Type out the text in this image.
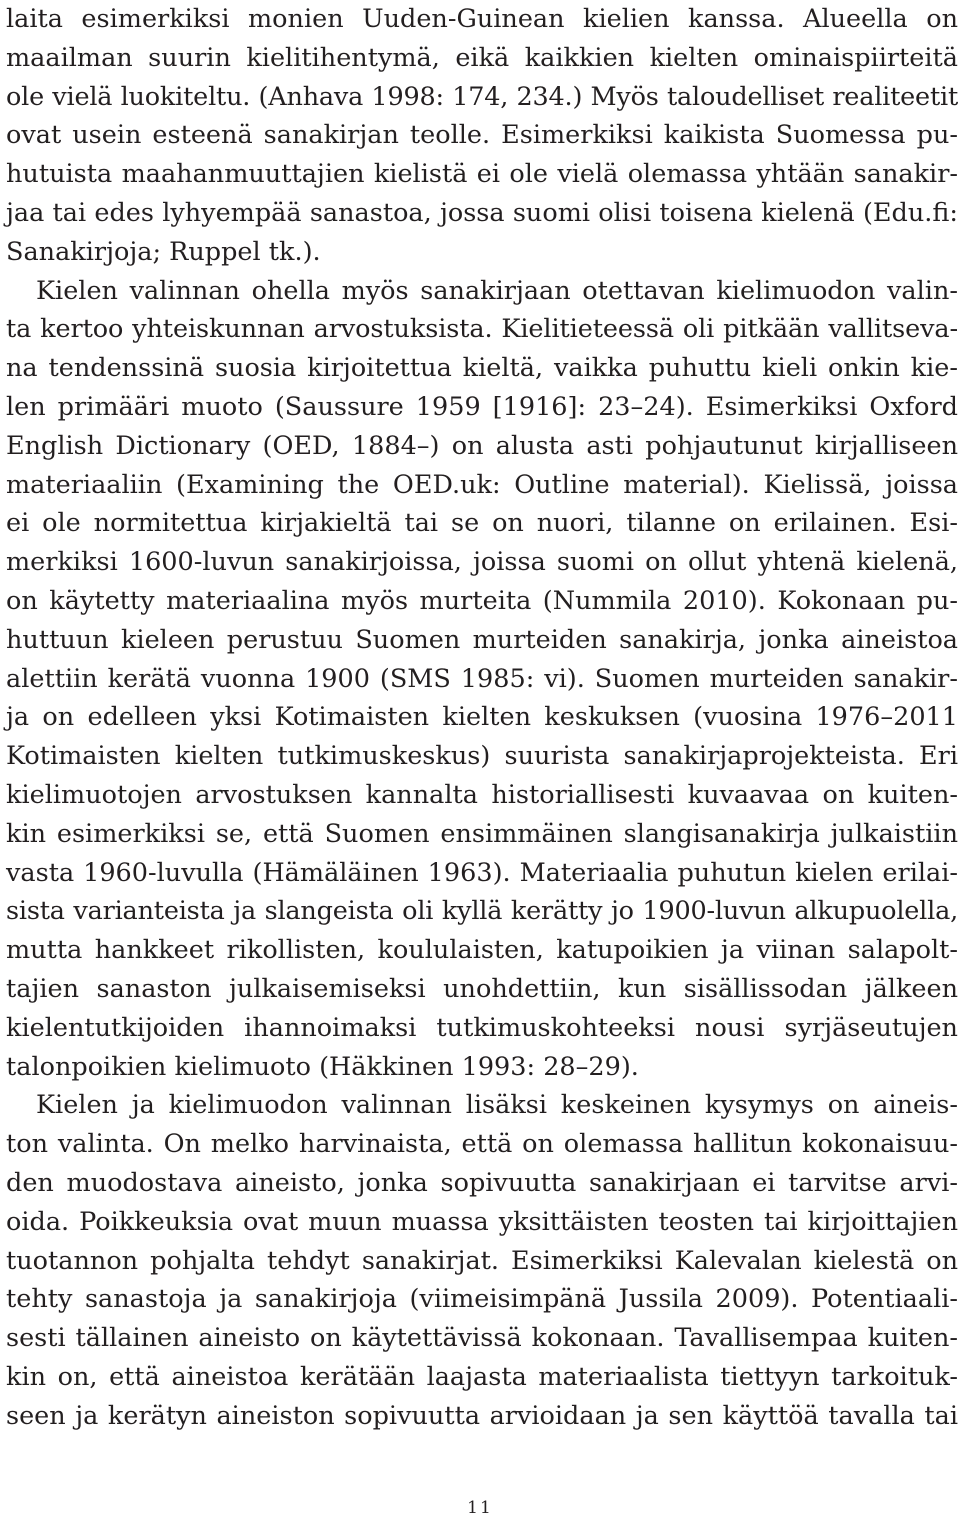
laita esimerkiksi monien Uuden-Guinean kielien kanssa. Alueella on
maailman suurin kielitihentymä, eikä kaikkien kielten ominaispiirteitä
ole vielä luokiteltu. (Anhava 1998: 174, 234.) Myös taloudelliset realiteetit
ovat usein esteenä sanakirjan teolle. Esimerkiksi kaikista Suomessa pu-
hutuista maahanmuuttajien kielistä ei ole vielä olemassa yhtään sanakir-
jaa tai edes lyhyempää sanastoa, jossa suomi olisi toisena kielenä (Edu.fi:
Sanakirjoja; Ruppel tk.).
Kielen valinnan ohella myös sanakirjaan otettavan kielimuodon valin-
ta kertoo yhteiskunnan arvostuksista. Kielitieteessä oli pitkään vallitseva-
na tendenssinä suosia kirjoitettua kieltä, vaikka puhuttu kieli onkin kie-
len primääri muoto (Saussure 1959 [1916]: 23–24). Esimerkiksi Oxford
English Dictionary (OED, 1884–) on alusta asti pohjautunut kirjalliseen
materiaaliin (Examining the OED.uk: Outline material). Kielissä, joissa
ei ole normitettua kirjakieltä tai se on nuori, tilanne on erilainen. Esi-
merkiksi 1600-luvun sanakirjoissa, joissa suomi on ollut yhtenä kielenä,
on käytetty materiaalina myös murteita (Nummila 2010). Kokonaan pu-
huttuun kieleen perustuu Suomen murteiden sanakirja, jonka aineistoa
alettiin kerätä vuonna 1900 (SMS 1985: vi). Suomen murteiden sanakir-
ja on edelleen yksi Kotimaisten kielten keskuksen (vuosina 1976–2011
Kotimaisten kielten tutkimuskeskus) suurista sanakirjaprojekteista. Eri
kielimuotojen arvostuksen kannalta historiallisesti kuvaavaa on kuiten-
kin esimerkiksi se, että Suomen ensimmäinen slangisanakirja julkaistiin
vasta 1960-luvulla (Hämäläinen 1963). Materiaalia puhutun kielen erilai-
sista varianteista ja slangeista oli kyllä kerätty jo 1900-luvun alkupuolella,
mutta hankkeet rikollisten, koululaisten, katupoikien ja viinan salapolt-
tajien sanaston julkaisemiseksi unohdettiin, kun sisällissodan jälkeen
kielentutkijoiden ihannoimaksi tutkimuskohteeksi nousi syrjäseutujen
talonpoikien kielimuoto (Häkkinen 1993: 28–29).
Kielen ja kielimuodon valinnan lisäksi keskeinen kysymys on aineis-
ton valinta. On melko harvinaista, että on olemassa hallitun kokonaisuu-
den muodostava aineisto, jonka sopivuutta sanakirjaan ei tarvitse arvi-
oida. Poikkeuksia ovat muun muassa yksittäisten teosten tai kirjoittajien
tuotannon pohjalta tehdyt sanakirjat. Esimerkiksi Kalevalan kielestä on
tehty sanastoja ja sanakirjoja (viimeisimpänä Jussila 2009). Potentiaali-
sesti tällainen aineisto on käytettävissä kokonaan. Tavallisempaa kuiten-
kin on, että aineistoa kerätään laajasta materiaalista tiettyyn tarkoituk-
seen ja kerätyn aineiston sopivuutta arvioidaan ja sen käyttöä tavalla tai
11
